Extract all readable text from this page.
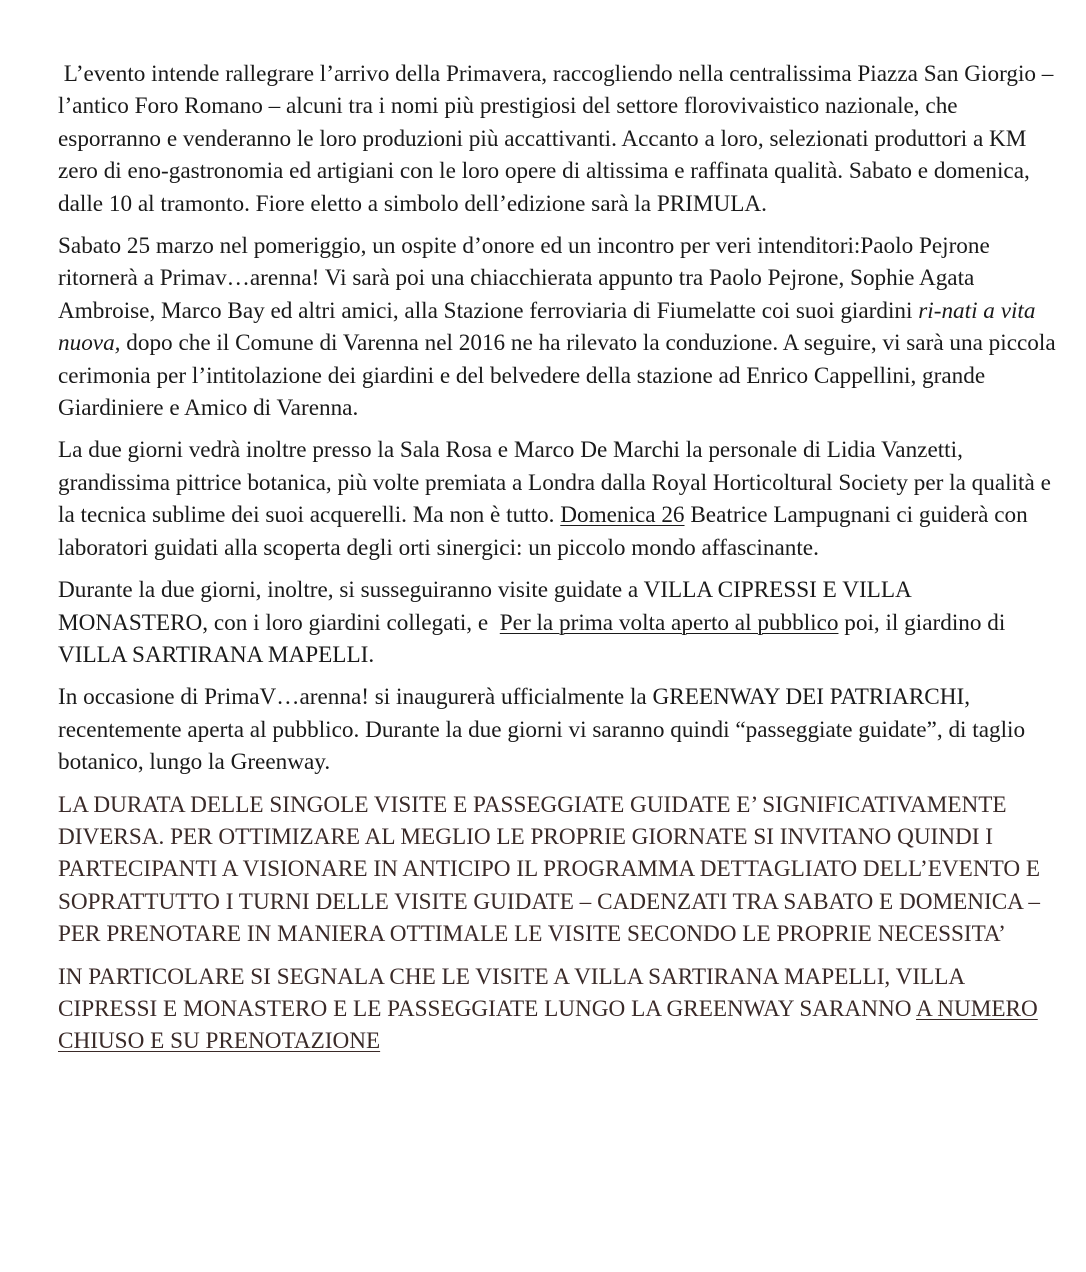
L’evento intende rallegrare l’arrivo della Primavera, raccogliendo nella centralissima Piazza San Giorgio – l’antico Foro Romano – alcuni tra i nomi più prestigiosi del settore florovivaistico nazionale, che esporranno e venderanno le loro produzioni più accattivanti. Accanto a loro, selezionati produttori a KM zero di eno-gastronomia ed artigiani con le loro opere di altissima e raffinata qualità. Sabato e domenica, dalle 10 al tramonto. Fiore eletto a simbolo dell’edizione sarà la PRIMULA.

Sabato 25 marzo nel pomeriggio, un ospite d’onore ed un incontro per veri intenditori:Paolo Pejrone ritornerà a Primav…arenna! Vi sarà poi una chiacchierata appunto tra Paolo Pejrone, Sophie Agata Ambroise, Marco Bay ed altri amici, alla Stazione ferroviaria di Fiumelatte coi suoi giardini ri-nati a vita nuova, dopo che il Comune di Varenna nel 2016 ne ha rilevato la conduzione. A seguire, vi sarà una piccola cerimonia per l’intitolazione dei giardini e del belvedere della stazione ad Enrico Cappellini, grande Giardiniere e Amico di Varenna.

La due giorni vedrà inoltre presso la Sala Rosa e Marco De Marchi la personale di Lidia Vanzetti, grandissima pittrice botanica, più volte premiata a Londra dalla Royal Horticoltural Society per la qualità e la tecnica sublime dei suoi acquerelli. Ma non è tutto. Domenica 26 Beatrice Lampugnani ci guiderà con laboratori guidati alla scoperta degli orti sinergici: un piccolo mondo affascinante.

Durante la due giorni, inoltre, si susseguiranno visite guidate a VILLA CIPRESSI E VILLA MONASTERO, con i loro giardini collegati, e  Per la prima volta aperto al pubblico poi, il giardino di VILLA SARTIRANA MAPELLI.

In occasione di PrimaV…arenna! si inaugurerà ufficialmente la GREENWAY DEI PATRIARCHI, recentemente aperta al pubblico. Durante la due giorni vi saranno quindi “passeggiate guidate”, di taglio botanico, lungo la Greenway.

LA DURATA DELLE SINGOLE VISITE E PASSEGGIATE GUIDATE E’ SIGNIFICATIVAMENTE DIVERSA. PER OTTIMIZARE AL MEGLIO LE PROPRIE GIORNATE SI INVITANO QUINDI I PARTECIPANTI A VISIONARE IN ANTICIPO IL PROGRAMMA DETTAGLIATO DELL’EVENTO E SOPRATTUTTO I TURNI DELLE VISITE GUIDATE – CADENZATI TRA SABATO E DOMENICA – PER PRENOTARE IN MANIERA OTTIMALE LE VISITE SECONDO LE PROPRIE NECESSITA’

IN PARTICOLARE SI SEGNALA CHE LE VISITE A VILLA SARTIRANA MAPELLI, VILLA CIPRESSI E MONASTERO E LE PASSEGGIATE LUNGO LA GREENWAY SARANNO A NUMERO CHIUSO E SU PRENOTAZIONE
